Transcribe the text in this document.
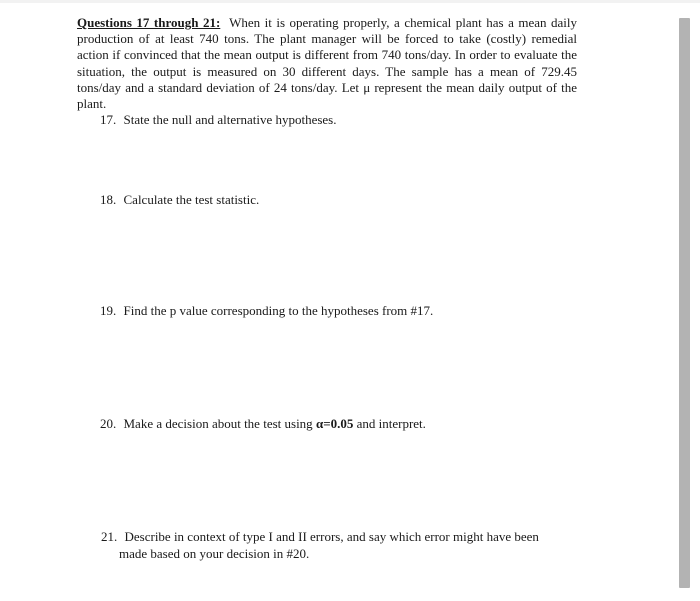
Questions 17 through 21: When it is operating properly, a chemical plant has a mean daily production of at least 740 tons. The plant manager will be forced to take (costly) remedial action if convinced that the mean output is different from 740 tons/day. In order to evaluate the situation, the output is measured on 30 different days. The sample has a mean of 729.45 tons/day and a standard deviation of 24 tons/day. Let μ represent the mean daily output of the plant.
17. State the null and alternative hypotheses.
18. Calculate the test statistic.
19. Find the p value corresponding to the hypotheses from #17.
20. Make a decision about the test using α=0.05 and interpret.
21. Describe in context of type I and II errors, and say which error might have been
made based on your decision in #20.
